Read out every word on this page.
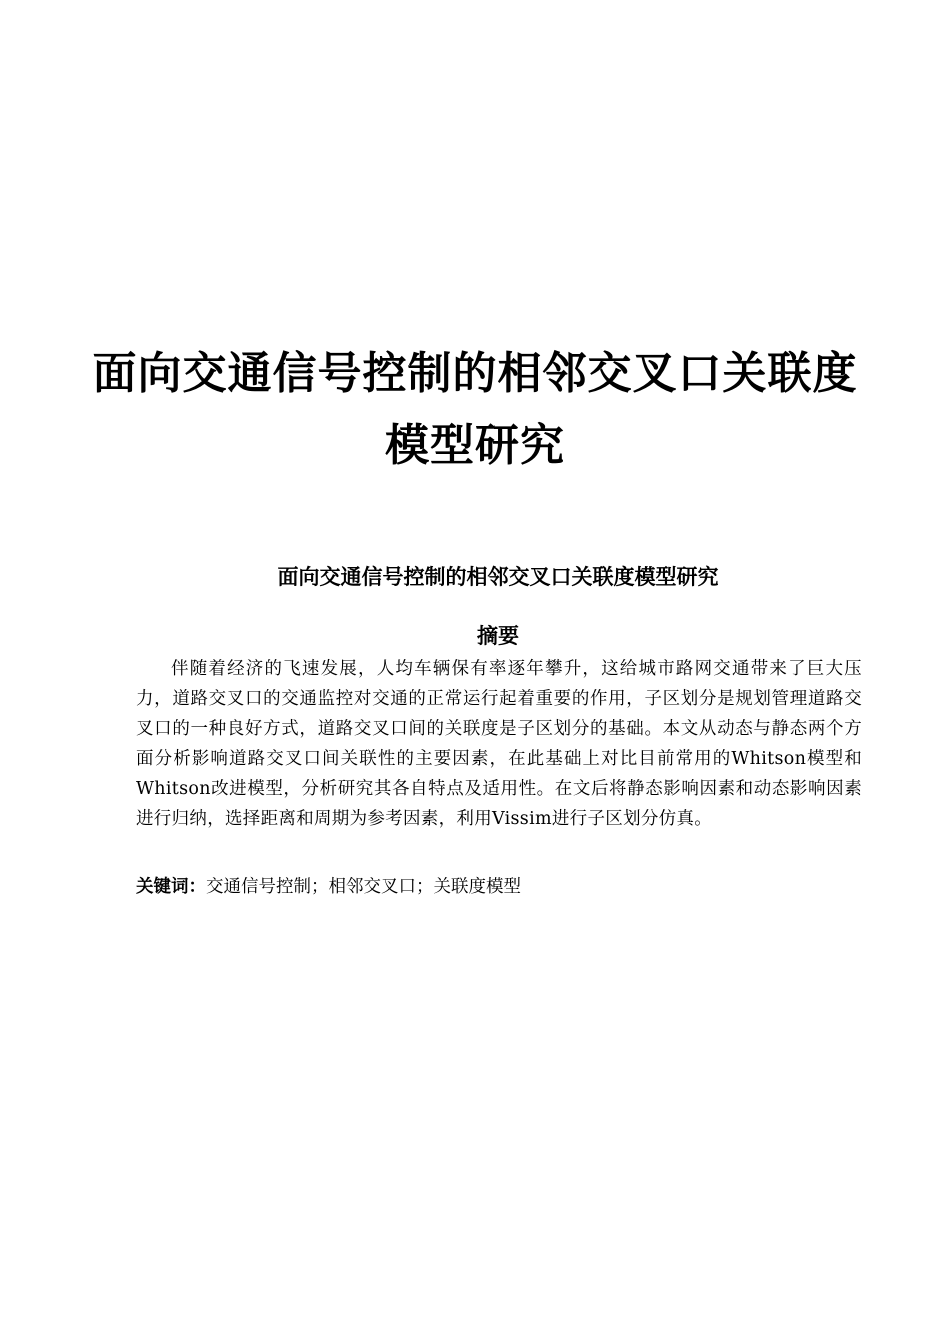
面向交通信号控制的相邻交叉口关联度
模型研究
面向交通信号控制的相邻交叉口关联度模型研究
摘要
伴随着经济的飞速发展，人均车辆保有率逐年攀升，这给城市路网交通带来了巨大压力，道路交叉口的交通监控对交通的正常运行起着重要的作用，子区划分是规划管理道路交叉口的一种良好方式，道路交叉口间的关联度是子区划分的基础。本文从动态与静态两个方面分析影响道路交叉口间关联性的主要因素，在此基础上对比目前常用的Whitson模型和Whitson改进模型，分析研究其各自特点及适用性。在文后将静态影响因素和动态影响因素进行归纳，选择距离和周期为参考因素，利用Vissim进行子区划分仿真。
关键词：交通信号控制；相邻交叉口；关联度模型
